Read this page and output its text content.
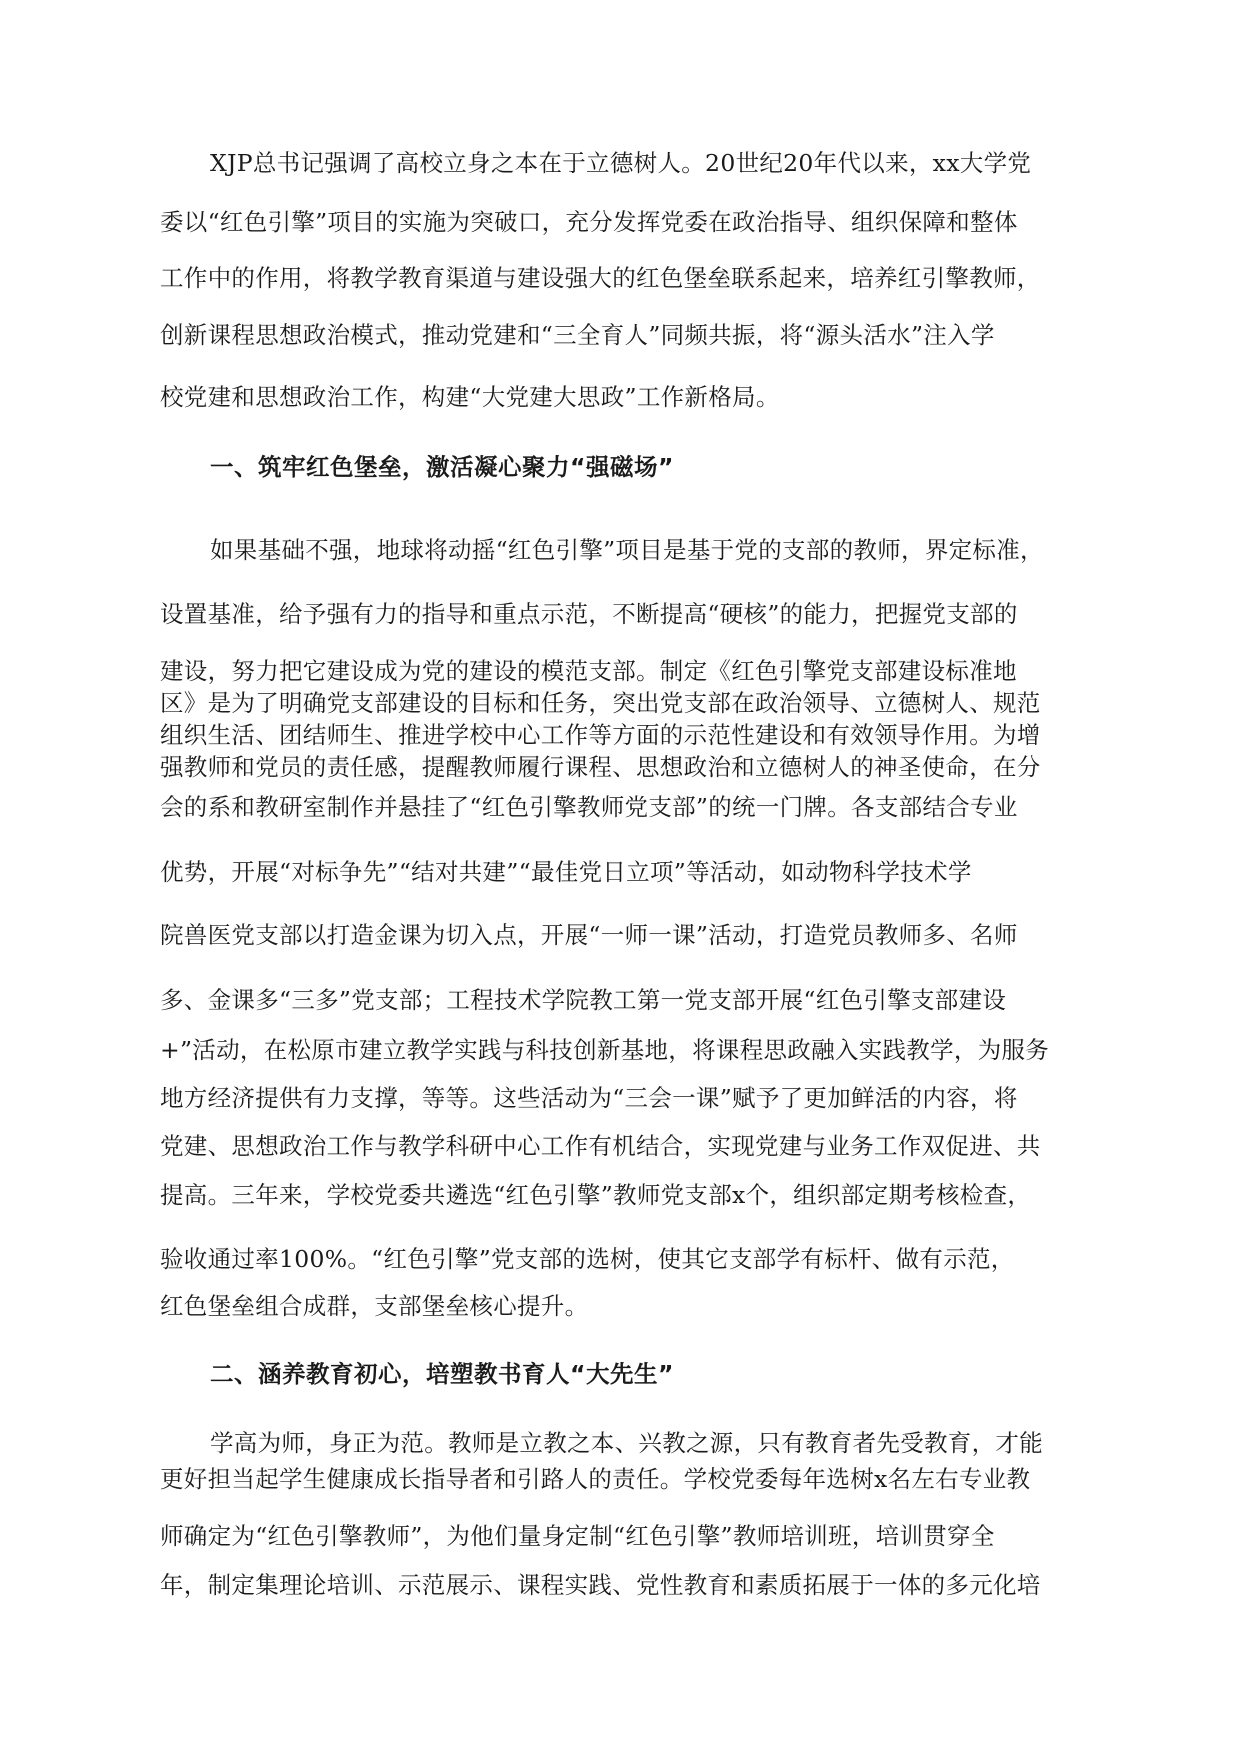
XJP总书记强调了高校立身之本在于立德树人。20世纪20年代以来，xx大学党
委以“红色引擎”项目的实施为突破口，充分发挥党委在政治指导、组织保障和整体
工作中的作用，将教学教育渠道与建设强大的红色堡垒联系起来，培养红引擎教师，
创新课程思想政治模式，推动党建和“三全育人”同频共振，将“源头活水”注入学
校党建和思想政治工作，构建“大党建大思政”工作新格局。
一、筑牢红色堡垒，激活凝心聚力“强磁场”
如果基础不强，地球将动摇“红色引擎”项目是基于党的支部的教师，界定标准，
设置基准，给予强有力的指导和重点示范，不断提高“硬核”的能力，把握党支部的
建设，努力把它建设成为党的建设的模范支部。制定《红色引擎党支部建设标准地
区》是为了明确党支部建设的目标和任务，突出党支部在政治领导、立德树人、规范
组织生活、团结师生、推进学校中心工作等方面的示范性建设和有效领导作用。为增
强教师和党员的责任感，提醒教师履行课程、思想政治和立德树人的神圣使命，在分
会的系和教研室制作并悬挂了“红色引擎教师党支部”的统一门牌。各支部结合专业
优势，开展“对标争先”“结对共建”“最佳党日立项”等活动，如动物科学技术学
院兽医党支部以打造金课为切入点，开展“一师一课”活动，打造党员教师多、名师
多、金课多“三多”党支部；工程技术学院教工第一党支部开展“红色引擎支部建设
+”活动，在松原市建立教学实践与科技创新基地，将课程思政融入实践教学，为服务
地方经济提供有力支撑，等等。这些活动为“三会一课”赋予了更加鲜活的内容，将
党建、思想政治工作与教学科研中心工作有机结合，实现党建与业务工作双促进、共
提高。三年来，学校党委共遴选“红色引擎”教师党支部x个，组织部定期考核检查，
验收通过率100%。“红色引擎”党支部的选树，使其它支部学有标杆、做有示范，
红色堡垒组合成群，支部堡垒核心提升。
二、涵养教育初心，培塑教书育人“大先生”
学高为师，身正为范。教师是立教之本、兴教之源，只有教育者先受教育，才能
更好担当起学生健康成长指导者和引路人的责任。学校党委每年选树x名左右专业教
师确定为“红色引擎教师”，为他们量身定制“红色引擎”教师培训班，培训贯穿全
年，制定集理论培训、示范展示、课程实践、党性教育和素质拓展于一体的多元化培
